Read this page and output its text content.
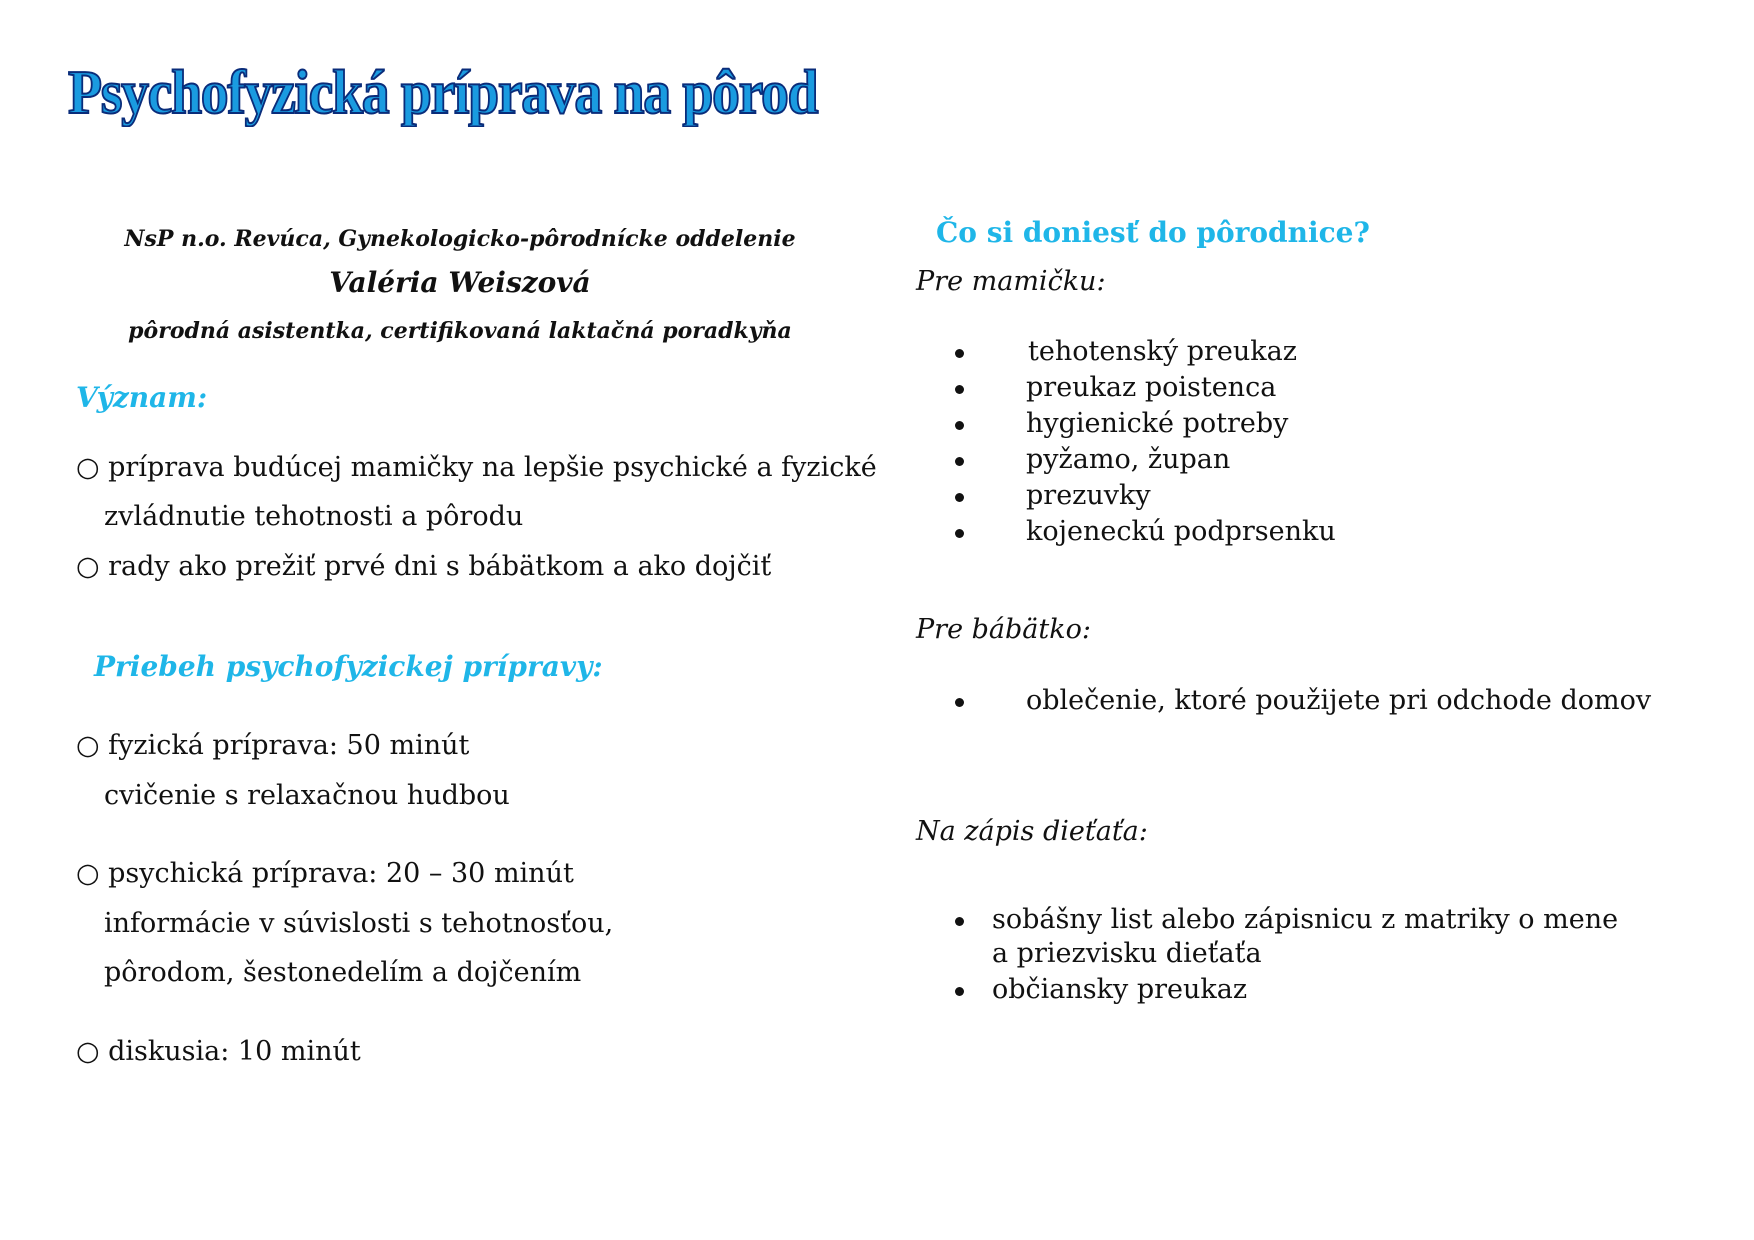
Psychofyzická príprava na pôrod
NsP n.o. Revúca, Gynekologicko-pôrodnícke oddelenie
Valéria Weiszová
pôrodná asistentka, certifikovaná laktačná poradkyňa
Význam:
○ príprava budúcej mamičky na lepšie psychické a fyzické
zvládnutie tehotnosti a pôrodu
○ rady ako prežiť prvé dni s bábätkom a ako dojčiť
Priebeh psychofyzickej prípravy:
○ fyzická príprava: 50 minút
cvičenie s relaxačnou hudbou
○ psychická príprava: 20 – 30 minút
informácie v súvislosti s tehotnosťou,
pôrodom, šestonedelím a dojčením
○ diskusia: 10 minút
Čo si doniesť do pôrodnice?
Pre mamičku:
tehotenský preukaz
preukaz poistenca
hygienické potreby
pyžamo, župan
prezuvky
kojeneckú podprsenku
Pre bábätko:
oblečenie, ktoré použijete pri odchode domov
Na zápis dieťaťa:
sobášny list alebo zápisnicu z matriky o mene
a priezvisku dieťaťa
občiansky preukaz
